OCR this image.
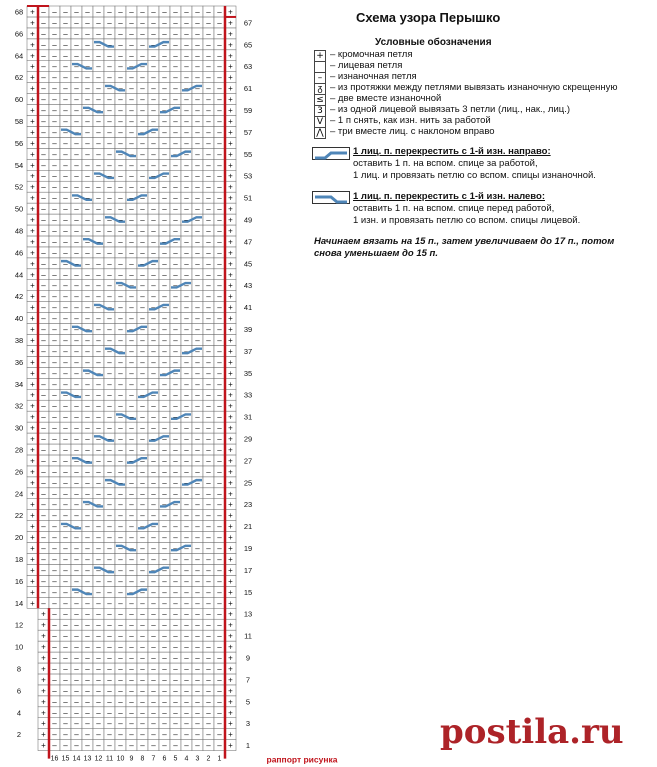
+ – – – – – – – – – – – – – – – – +
+ – – – – – – – – – – – – – – – – +
+ – – – – – – – – – – – – – – – – +
+ – – – – – – – – – – – – – – – – +
+ – – – – – – – – – – – – – – – – +
+ – – – – – – – – – – – – – – – – +
+ – – – – – – – – – – – – – – – – +
+ – – – – – – – – – – – – – – – – +
+ – – – – – – – – – – – – – – – – +
+ – – – – – – – – – – – – – – – – +
+ – – – – – – – – – – – – – – – – +
+ – – – – – – – – – – – – – – – – +
+ – – – – – – – – – – – – – – – – +
+ – – – – – – – – – – – – – – – – – +
+ – – – – – – – – – – – – – – – – – +
+ – – – – – – – – – – – – – – – – – +
+ – – – – – – – – – – – – – – – – – +
+ – – – – – – – – – – – – – – – – – +
+ – – – – – – – – – – – – – – – – – +
+ – – – – – – – – – – – – – – – – – +
+ – – – – – – – – – – – – – – – – – +
+ – – – – – – – – – – – – – – – – – +
+ – – – – – – – – – – – – – – – – – +
+ – – – – – – – – – – – – – – – – – +
+ – – – – – – – – – – – – – – – – – +
+ – – – – – – – – – – – – – – – – – +
+ – – – – – – – – – – – – – – – – – +
+ – – – – – – – – – – – – – – – – – +
+ – – – – – – – – – – – – – – – – – +
+ – – – – – – – – – – – – – – – – – +
+ – – – – – – – – – – – – – – – – – +
+ – – – – – – – – – – – – – – – – – +
+ – – – – – – – – – – – – – – – – – +
+ – – – – – – – – – – – – – – – – – +
+ – – – – – – – – – – – – – – – – – +
+ – – – – – – – – – – – – – – – – – +
+ – – – – – – – – – – – – – – – – – +
+ – – – – – – – – – – – – – – – – – +
+ – – – – – – – – – – – – – – – – – +
+ – – – – – – – – – – – – – – – – – +
+ – – – – – – – – – – – – – – – – – +
+ – – – – – – – – – – – – – – – – – +
+ – – – – – – – – – – – – – – – – – +
+ – – – – – – – – – – – – – – – – – +
+ – – – – – – – – – – – – – – – – – +
+ – – – – – – – – – – – – – – – – – +
+ – – – – – – – – – – – – – – – – – +
+ – – – – – – – – – – – – – – – – – +
+ – – – – – – – – – – – – – – – – – +
+ – – – – – – – – – – – – – – – – – +
+ – – – – – – – – – – – – – – – – – +
+ – – – – – – – – – – – – – – – – – +
+ – – – – – – – – – – – – – – – – – +
+ – – – – – – – – – – – – – – – – – +
+ – – – – – – – – – – – – – – – – – +
+ – – – – – – – – – – – – – – – – – +
+ – – – – – – – – – – – – – – – – – +
+ – – – – – – – – – – – – – – – – – +
+ – – – – – – – – – – – – – – – – – +
+ – – – – – – – – – – – – – – – – – +
+ – – – – – – – – – – – – – – – – – +
+ – – – – – – – – – – – – – – – – – +
+ – – – – – – – – – – – – – – – – – +
+ – – – – – – – – – – – – – – – – – +
+ – – – – – – – – – – – – – – – – – +
+ – – – – – – – – – – – – – – – – – +
+ – – – – – – – – – – – – – – – – – +
+ – – – – – – – – – – – – – – – – – +
2
4
6
8
10
12
14
16
18
20
22
24
26
28
30
32
34
36
38
40
42
44
46
48
50
52
54
56
58
60
62
64
66
68
1
3
5
7
9
11
13
15
17
19
21
23
25
27
29
31
33
35
37
39
41
43
45
47
49
51
53
55
57
59
61
63
65
67
16 15 14 13 12 11 10 9 8 7 6 5 4 3 2 1	раппорт рисунка
Схема узора Перышко
Условные обозначения
+ – кромочная петля
– лицевая петля
– – изнаночная петля
ᵹ – из протяжки между петлями вывязать изнаночную скрещенную
≤ – две вместе изнаночной
3 – из одной лицевой вывязать 3 петли (лиц., нак., лиц.)
V – 1 п снять, как изн. нить за работой
⋀ – три вместе лиц. с наклоном вправо
1 лиц. п. перекрестить с 1-й изн. направо:
оставить 1 п. на вспом. спице за работой,
1 лиц. и провязать петлю со вспом. спицы изнаночной.
1 лиц. п. перекрестить с 1-й изн. налево:
оставить 1 п. на вспом. спице перед работой,
1 изн. и провязать петлю со вспом. спицы лицевой.
Начинаем вязать на 15 п., затем увеличиваем до 17 п., потом
снова уменьшаем до 15 п.
postila.ru
